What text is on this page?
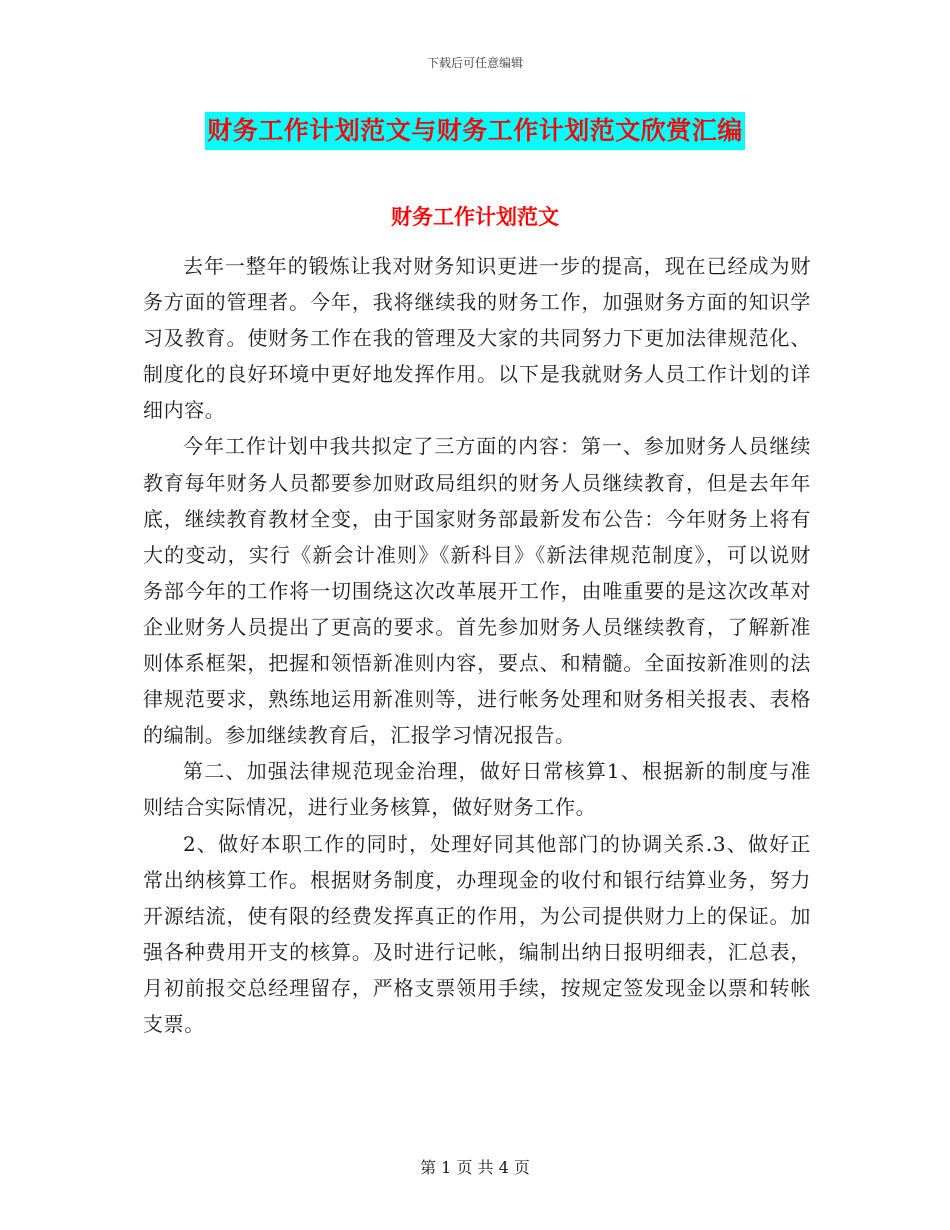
下载后可任意编辑
财务工作计划范文与财务工作计划范文欣赏汇编
财务工作计划范文

去年一整年的锻炼让我对财务知识更进一步的提高，现在已经成为财务方面的管理者。今年，我将继续我的财务工作，加强财务方面的知识学习及教育。使财务工作在我的管理及大家的共同努力下更加法律规范化、制度化的良好环境中更好地发挥作用。以下是我就财务人员工作计划的详细内容。

今年工作计划中我共拟定了三方面的内容：第一、参加财务人员继续教育每年财务人员都要参加财政局组织的财务人员继续教育，但是去年年底，继续教育教材全变，由于国家财务部最新发布公告：今年财务上将有大的变动，实行《新会计准则》《新科目》《新法律规范制度》，可以说财务部今年的工作将一切围绕这次改革展开工作，由唯重要的是这次改革对企业财务人员提出了更高的要求。首先参加财务人员继续教育，了解新准则体系框架，把握和领悟新准则内容，要点、和精髓。全面按新准则的法律规范要求，熟练地运用新准则等，进行帐务处理和财务相关报表、表格的编制。参加继续教育后，汇报学习情况报告。

第二、加强法律规范现金治理，做好日常核算1、根据新的制度与准则结合实际情况，进行业务核算，做好财务工作。

2、做好本职工作的同时，处理好同其他部门的协调关系.3、做好正常出纳核算工作。根据财务制度，办理现金的收付和银行结算业务，努力开源结流，使有限的经费发挥真正的作用，为公司提供财力上的保证。加强各种费用开支的核算。及时进行记帐，编制出纳日报明细表，汇总表，月初前报交总经理留存，严格支票领用手续，按规定签发现金以票和转帐支票。

第 1 页 共 4 页
